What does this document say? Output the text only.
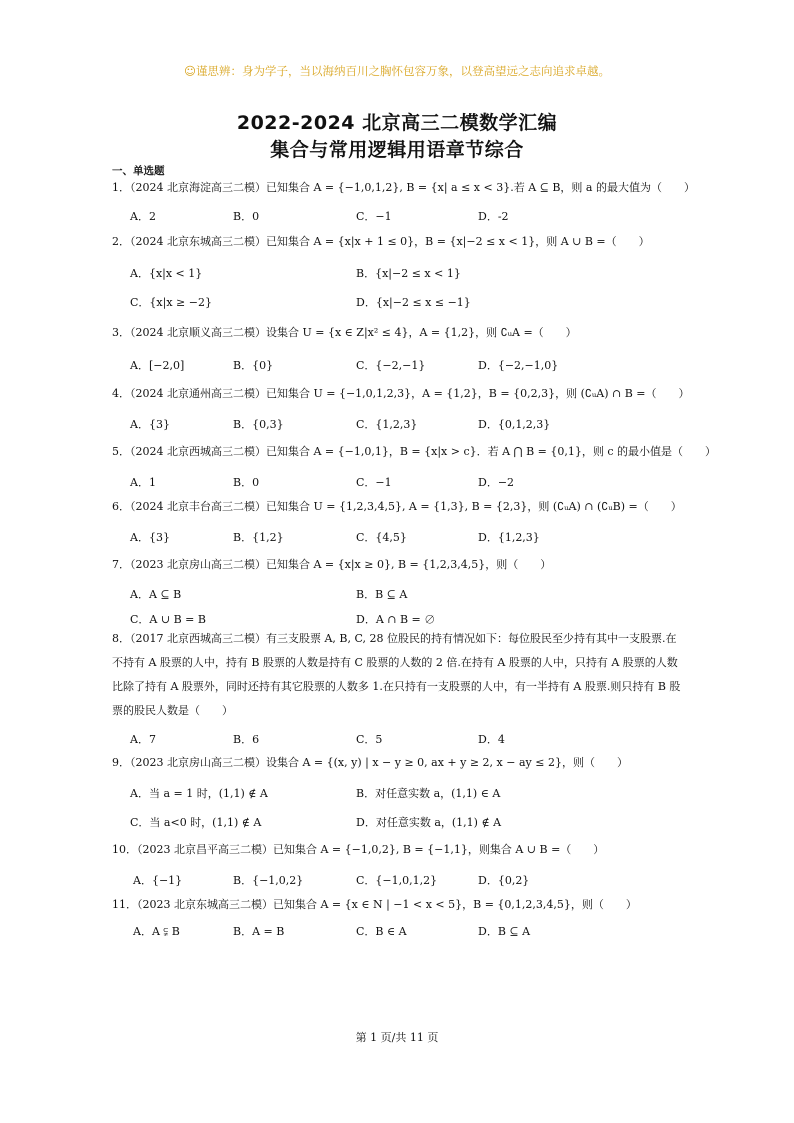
☺谨思辨：身为学子，当以海纳百川之胸怀包容万象，以登高望远之志向追求卓越。
2022-2024 北京高三二模数学汇编
集合与常用逻辑用语章节综合
一、单选题
1．（2024 北京海淀高三二模）已知集合 A = {−1,0,1,2}, B = {x| a ≤ x < 3}.若 A ⊆ B，则 a 的最大值为（　　）
A．2	B．0	C．−1	D．-2
2．（2024 北京东城高三二模）已知集合 A = {x|x + 1 ≤ 0}，B = {x|−2 ≤ x < 1}，则 A ∪ B =（　　）
A．{x|x < 1}	B．{x|−2 ≤ x < 1}
C．{x|x ≥ −2}	D．{x|−2 ≤ x ≤ −1}
3．（2024 北京顺义高三二模）设集合 U = {x ∈ Z|x² ≤ 4}，A = {1,2}，则 ∁ᵤA =（　　）
A．[−2,0]	B．{0}	C．{−2,−1}	D．{−2,−1,0}
4．（2024 北京通州高三二模）已知集合 U = {−1,0,1,2,3}，A = {1,2}，B = {0,2,3}，则 (∁ᵤA) ∩ B =（　　）
A．{3}	B．{0,3}	C．{1,2,3}	D．{0,1,2,3}
5．（2024 北京西城高三二模）已知集合 A = {−1,0,1}，B = {x|x > c}．若 A ⋂ B = {0,1}，则 c 的最小值是（　　）
A．1	B．0	C．−1	D．−2
6．（2024 北京丰台高三二模）已知集合 U = {1,2,3,4,5}, A = {1,3}, B = {2,3}，则 (∁ᵤA) ∩ (∁ᵤB) =（　　）
A．{3}	B．{1,2}	C．{4,5}	D．{1,2,3}
7．（2023 北京房山高三二模）已知集合 A = {x|x ≥ 0}, B = {1,2,3,4,5}，则（　　）
A．A ⊆ B	B．B ⊆ A
C．A ∪ B = B	D．A ∩ B = ∅
8．（2017 北京西城高三二模）有三支股票 A, B, C, 28 位股民的持有情况如下：每位股民至少持有其中一支股票.在不持有 A 股票的人中，持有 B 股票的人数是持有 C 股票的人数的 2 倍.在持有 A 股票的人中，只持有 A 股票的人数比除了持有 A 股票外，同时还持有其它股票的人数多 1.在只持有一支股票的人中，有一半持有 A 股票.则只持有 B 股票的股民人数是（　　）
A．7	B．6	C．5	D．4
9．（2023 北京房山高三二模）设集合 A = {(x, y) | x − y ≥ 0, ax + y ≥ 2, x − ay ≤ 2}，则（　　）
A．当 a = 1 时，(1,1) ∉ A	B．对任意实数 a，(1,1) ∈ A
C．当 a<0 时，(1,1) ∉ A	D．对任意实数 a，(1,1) ∉ A
10．（2023 北京昌平高三二模）已知集合 A = {−1,0,2}, B = {−1,1}，则集合 A ∪ B =（　　）
A．{−1}	B．{−1,0,2}	C．{−1,0,1,2}	D．{0,2}
11．（2023 北京东城高三二模）已知集合 A = {x ∈ N | −1 < x < 5}，B = {0,1,2,3,4,5}，则（　　）
A．A ⫋ B	B．A = B	C．B ∈ A	D．B ⊆ A
第 1 页/共 11 页
